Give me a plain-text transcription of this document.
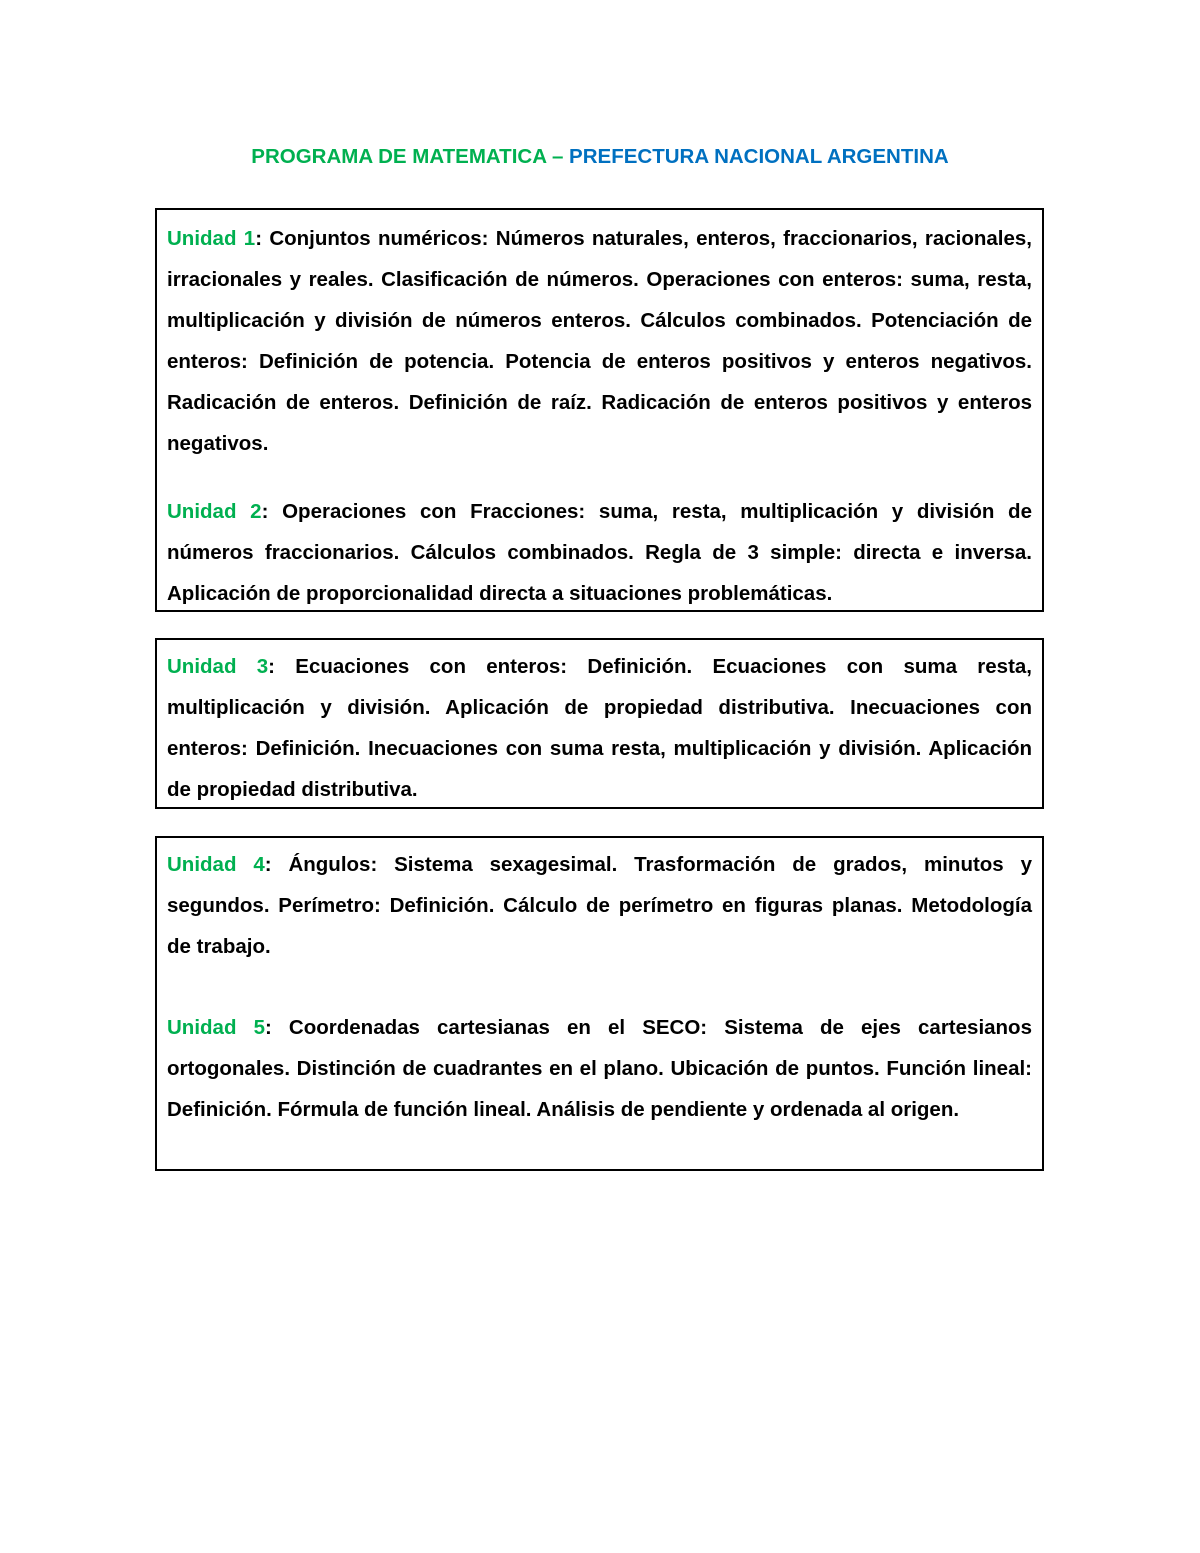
PROGRAMA DE MATEMATICA – PREFECTURA NACIONAL ARGENTINA

Unidad 1: Conjuntos numéricos: Números naturales, enteros, fraccionarios, racionales, irracionales y reales. Clasificación de números. Operaciones con enteros: suma, resta, multiplicación y división de números enteros. Cálculos combinados. Potenciación de enteros: Definición de potencia. Potencia de enteros positivos y enteros negativos. Radicación de enteros. Definición de raíz. Radicación de enteros positivos y enteros negativos.

Unidad 2: Operaciones con Fracciones: suma, resta, multiplicación y división de números fraccionarios. Cálculos combinados. Regla de 3 simple: directa e inversa. Aplicación de proporcionalidad directa a situaciones problemáticas.

Unidad 3: Ecuaciones con enteros: Definición. Ecuaciones con suma resta, multiplicación y división. Aplicación de propiedad distributiva. Inecuaciones con enteros: Definición. Inecuaciones con suma resta, multiplicación y división. Aplicación de propiedad distributiva.

Unidad 4: Ángulos: Sistema sexagesimal. Trasformación de grados, minutos y segundos. Perímetro: Definición. Cálculo de perímetro en figuras planas. Metodología de trabajo.

Unidad 5: Coordenadas cartesianas en el SECO: Sistema de ejes cartesianos ortogonales. Distinción de cuadrantes en el plano. Ubicación de puntos. Función lineal: Definición. Fórmula de función lineal. Análisis de pendiente y ordenada al origen.
